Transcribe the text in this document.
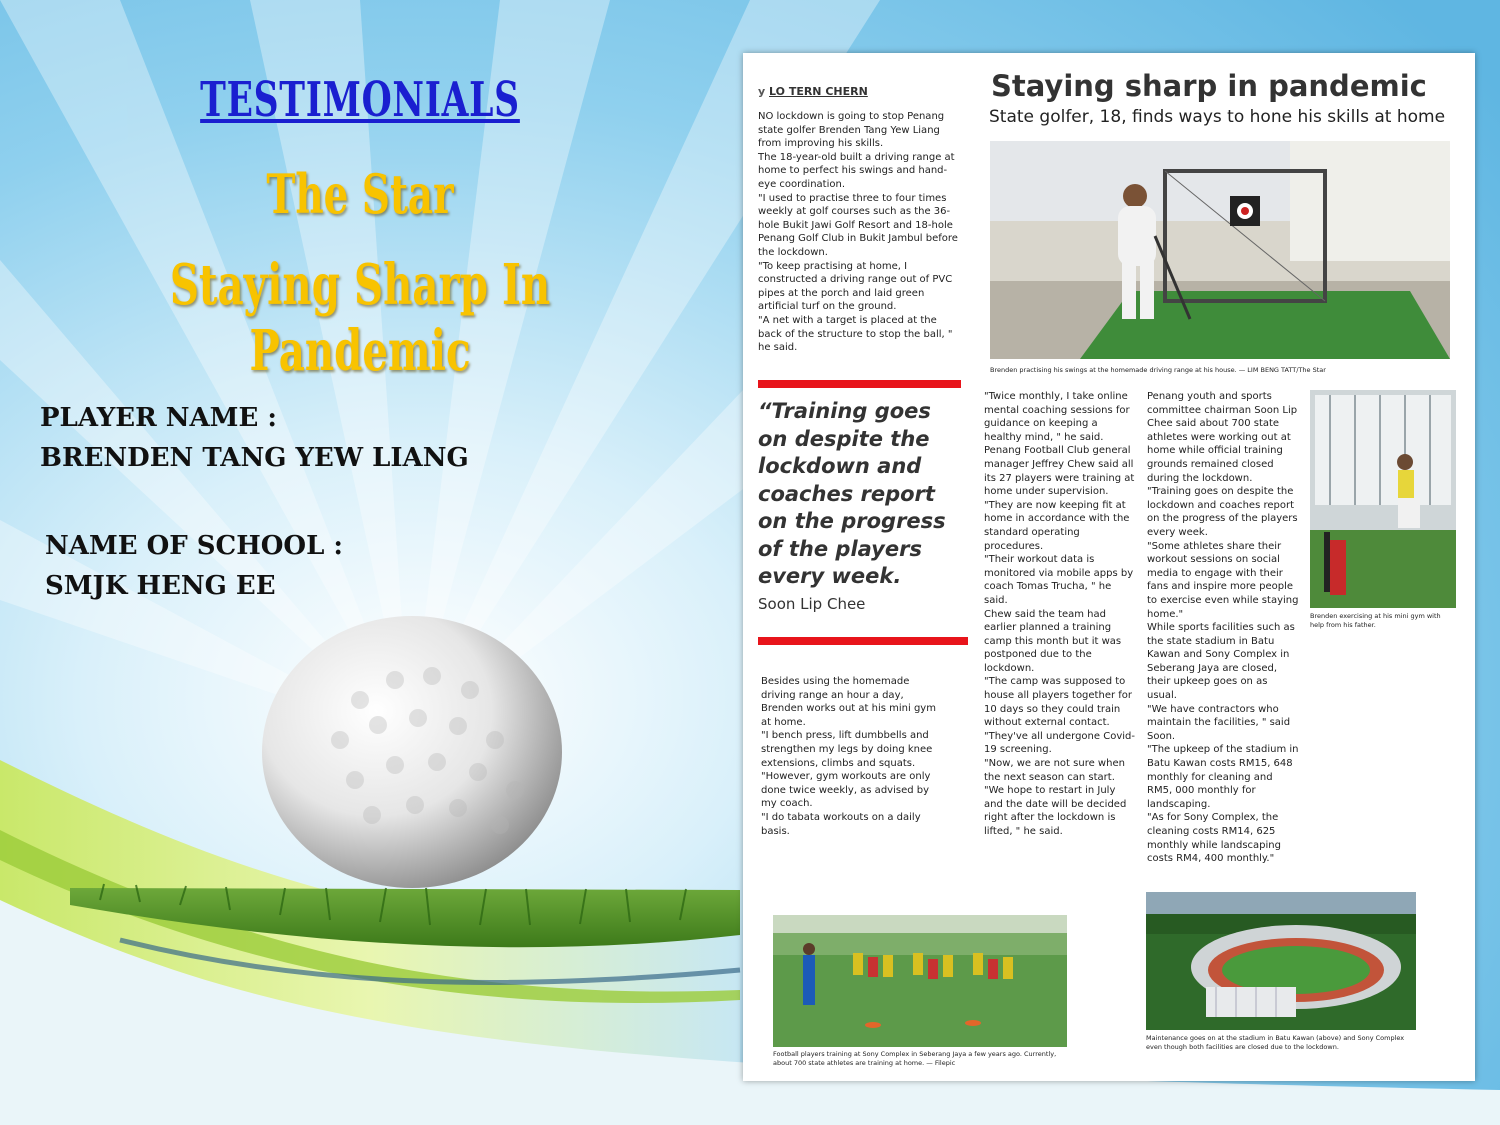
TESTIMONIALS
The Star
Staying Sharp In Pandemic
PLAYER NAME :
BRENDEN TANG YEW LIANG
NAME OF SCHOOL :
SMJK HENG EE
y LO TERN CHERN	Staying sharp in pandemic
State golfer, 18, finds ways to hone his skills at home

NO lockdown is going to stop Penang state golfer Brenden Tang Yew Liang from improving his skills.

The 18-year-old built a driving range at home to perfect his swings and hand-eye coordination.

"I used to practise three to four times weekly at golf courses such as the 36-hole Bukit Jawi Golf Resort and 18-hole Penang Golf Club in Bukit Jambul before the lockdown.

"To keep practising at home, I constructed a driving range out of PVC pipes at the porch and laid green artificial turf on the ground.

"A net with a target is placed at the back of the structure to stop the ball, " he said.

Brenden practising his swings at the homemade driving range at his house. — LIM BENG TATT/The Star
“Training goes on despite the lockdown and coaches report on the progress of the players every week.
Soon Lip Chee

"Twice monthly, I take online mental coaching sessions for guidance on keeping a healthy mind, " he said.

Penang Football Club general manager Jeffrey Chew said all its 27 players were training at home under supervision.

"They are now keeping fit at home in accordance with the standard operating procedures.

"Their workout data is monitored via mobile apps by coach Tomas Trucha, " he said.

Chew said the team had earlier planned a training camp this month but it was postponed due to the lockdown.

"The camp was supposed to house all players together for 10 days so they could train without external contact.

"They've all undergone Covid-19 screening.

"Now, we are not sure when the next season can start.

"We hope to restart in July and the date will be decided right after the lockdown is lifted, " he said.

Penang youth and sports committee chairman Soon Lip Chee said about 700 state athletes were working out at home while official training grounds remained closed during the lockdown.

"Training goes on despite the lockdown and coaches report on the progress of the players every week.

"Some athletes share their workout sessions on social media to engage with their fans and inspire more people to exercise even while staying home."

While sports facilities such as the state stadium in Batu Kawan and Sony Complex in Seberang Jaya are closed, their upkeep goes on as usual.

"We have contractors who maintain the facilities, " said Soon.

"The upkeep of the stadium in Batu Kawan costs RM15, 648 monthly for cleaning and RM5, 000 monthly for landscaping.

"As for Sony Complex, the cleaning costs RM14, 625 monthly while landscaping costs RM4, 400 monthly."

Brenden exercising at his mini gym with help from his father.

Besides using the homemade driving range an hour a day, Brenden works out at his mini gym at home.

"I bench press, lift dumbbells and strengthen my legs by doing knee extensions, climbs and squats.

"However, gym workouts are only done twice weekly, as advised by my coach.

"I do tabata workouts on a daily basis.

Football players training at Sony Complex in Seberang Jaya a few years ago. Currently, about 700 state athletes are training at home. — Filepic
Maintenance goes on at the stadium in Batu Kawan (above) and Sony Complex even though both facilities are closed due to the lockdown.
